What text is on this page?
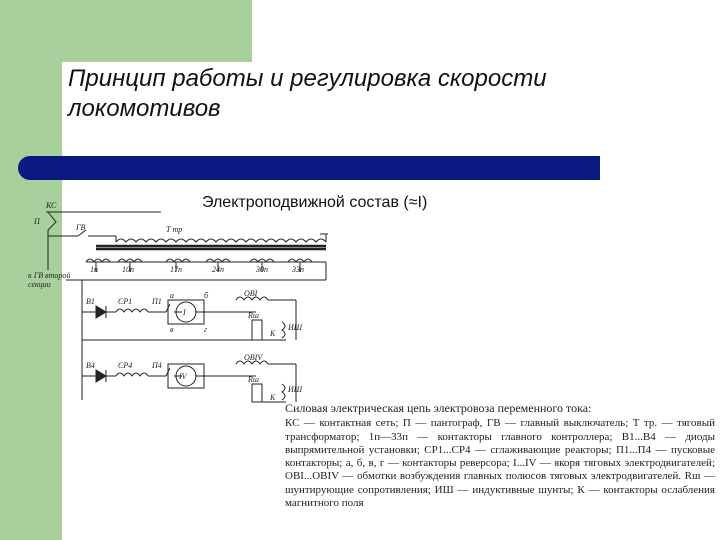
Принцип работы и регулировка скорости локомотивов
Электроподвижной состав (≈I)
КС
П
ГВ	Т тр
к ГВ второй
секции
1п	10п	17п	24п	30п	33п
В1	СР1 П1
I
OBI
Rш
ИШ
К
В4	СР4 П4
IV
OBIV
Rш
ИШ
К
а	б
в	г
Силовая электрическая цепь электровоза переменного тока:
КС — контактная сеть; П — пантограф, ГВ — главный выключатель; Т тр. — тяговый трансформатор; 1п—33п — контакторы главного контроллера; В1...В4 — диоды выпрямительной установки; СР1...СР4 — сглаживающие реакторы; П1...П4 — пусковые контакторы; а, б, в, г — контакторы реверсора; I...IV — якоря тяговых электродвигателей; ОВI...ОВIV — обмотки возбуждения главных полюсов тяговых электродвигателей. Rш — шунтирующие сопротивления; ИШ — индуктивные шунты; К — контакторы ослабления магнитного поля
